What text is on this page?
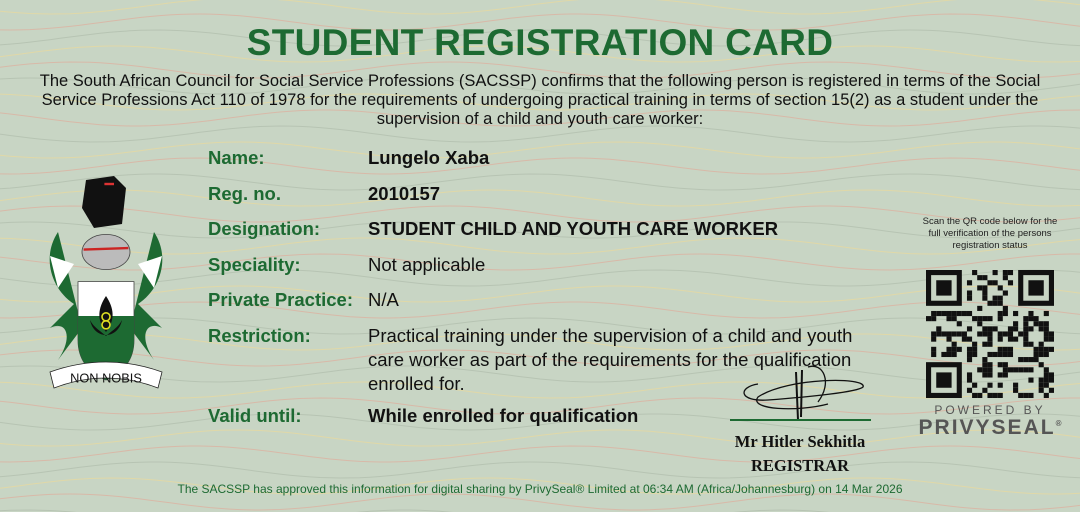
STUDENT REGISTRATION CARD
The South African Council for Social Service Professions (SACSSP) confirms that the following person is registered in terms of the Social Service Professions Act 110 of 1978 for the requirements of undergoing practical training in terms of section 15(2) as a student under the supervision of a child and youth care worker:
NON NOBIS
Name:	Lungelo Xaba
Reg. no.	2010157
Designation:	STUDENT CHILD AND YOUTH CARE WORKER
Speciality:	Not applicable
Private Practice: N/A
Restriction:	Practical training under the supervision of a child and youth care worker as part of the requirements for the qualification enrolled for.
Valid until:	While enrolled for qualification
Mr Hitler Sekhitla
REGISTRAR
Scan the QR code below for the full verification of the persons registration status
POWERED BY
PRIVYSEAL®
The SACSSP has approved this information for digital sharing by PrivySeal® Limited at 06:34 AM (Africa/Johannesburg) on 14 Mar 2026
